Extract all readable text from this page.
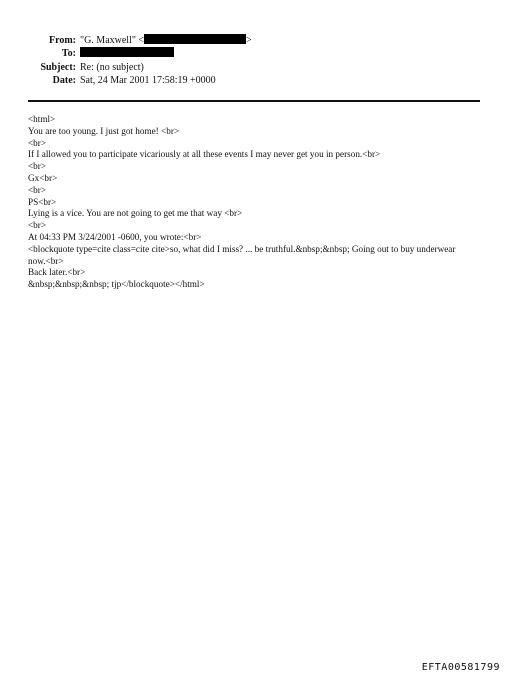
From: "G. Maxwell" <	>
To:
Subject: Re: (no subject)
Date: Sat, 24 Mar 2001 17:58:19 +0000
<html>
You are too young. I just got home! <br>
<br>
If I allowed you to participate vicariously at all these events I may never get you in person.<br>
<br>
Gx<br>
<br>
PS<br>
Lying is a vice. You are not going to get me that way <br>
<br>
At 04:33 PM 3/24/2001 -0600, you wrote:<br>
<blockquote type=cite class=cite cite>so, what did I miss? ... be truthful.&nbsp;&nbsp; Going out to buy underwear now.<br>
Back later.<br>
&nbsp;&nbsp;&nbsp; tjp</blockquote></html>
EFTA00581799
